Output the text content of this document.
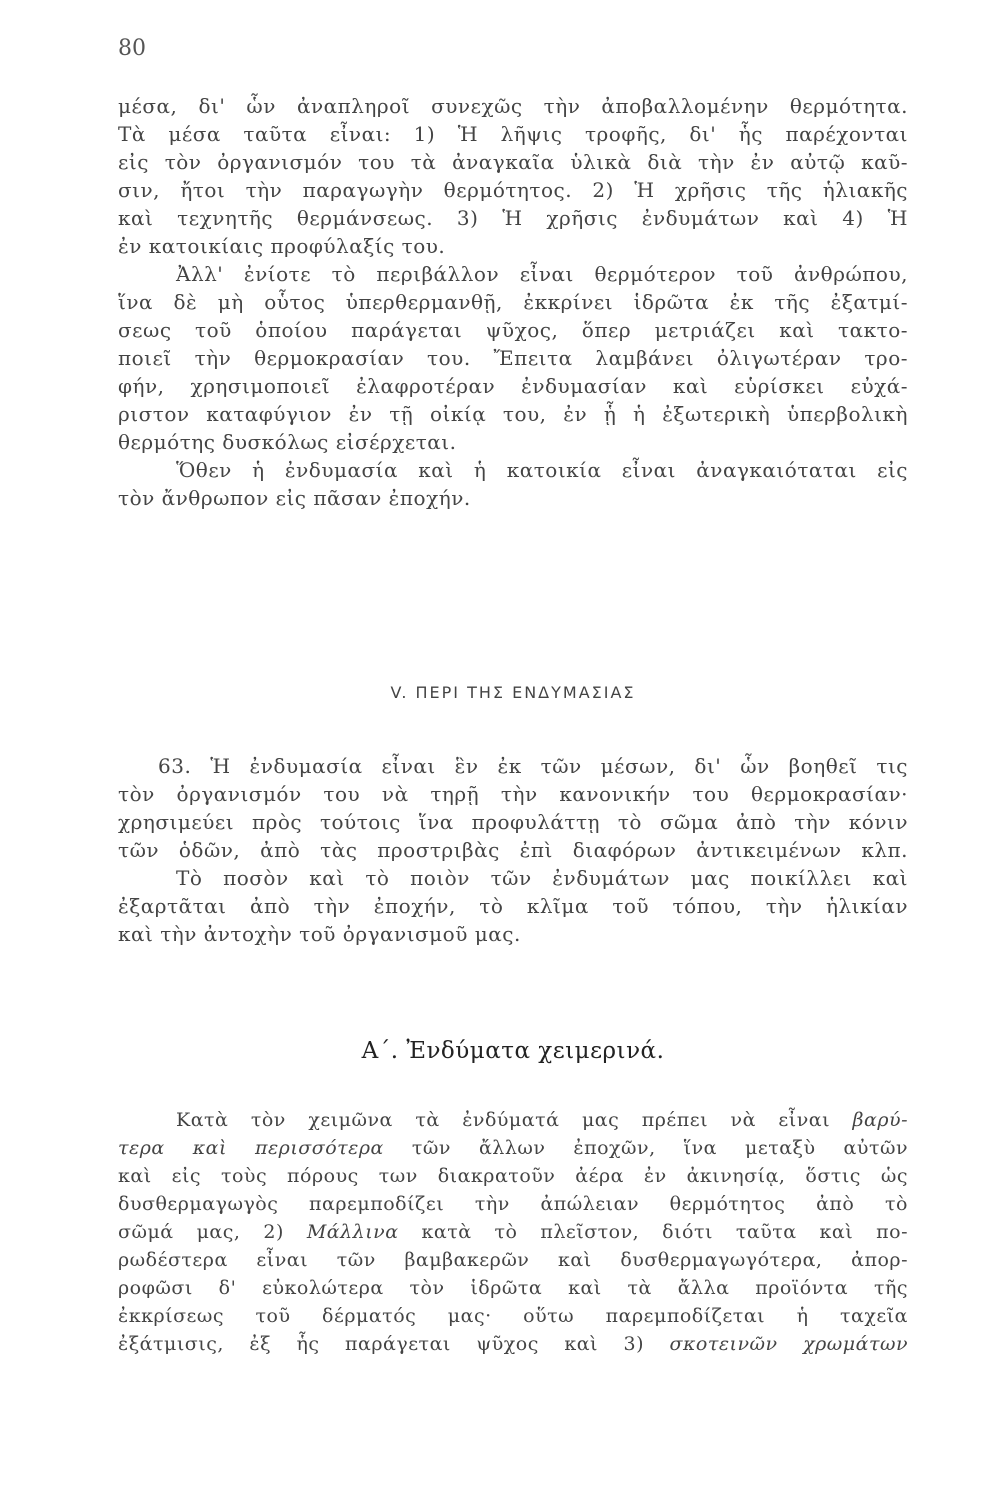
80
μέσα, δι' ὧν ἀναπληροῖ συνεχῶς τὴν ἀποβαλλομένην θερμότητα.
Τὰ μέσα ταῦτα εἶναι: 1) Ἡ λῆψις τροφῆς, δι' ἧς παρέχονται
εἰς τὸν ὀργανισμόν του τὰ ἀναγκαῖα ὑλικὰ διὰ τὴν ἐν αὐτῷ καῦ-
σιν, ἤτοι τὴν παραγωγὴν θερμότητος. 2) Ἡ χρῆσις τῆς ἡλιακῆς
καὶ τεχνητῆς θερμάνσεως. 3) Ἡ χρῆσις ἐνδυμάτων καὶ 4) Ἡ
ἐν κατοικίαις προφύλαξίς του.
Ἀλλ' ἐνίοτε τὸ περιβάλλον εἶναι θερμότερον τοῦ ἀνθρώπου,
ἵνα δὲ μὴ οὗτος ὑπερθερμανθῇ, ἐκκρίνει ἱδρῶτα ἐκ τῆς ἐξατμί-
σεως τοῦ ὁποίου παράγεται ψῦχος, ὅπερ μετριάζει καὶ τακτο-
ποιεῖ τὴν θερμοκρασίαν του. Ἔπειτα λαμβάνει ὀλιγωτέραν τρο-
φήν, χρησιμοποιεῖ ἐλαφροτέραν ἐνδυμασίαν καὶ εὑρίσκει εὐχά-
ριστον καταφύγιον ἐν τῇ οἰκίᾳ του, ἐν ᾗ ἡ ἐξωτερικὴ ὑπερβολικὴ
θερμότης δυσκόλως εἰσέρχεται.
Ὅθεν ἡ ἐνδυμασία καὶ ἡ κατοικία εἶναι ἀναγκαιόταται εἰς
τὸν ἄνθρωπον εἰς πᾶσαν ἐποχήν.
V. ΠΕΡΙ ΤΗΣ ΕΝΔΥΜΑΣΙΑΣ
63. Ἡ ἐνδυμασία εἶναι ἓν ἐκ τῶν μέσων, δι' ὧν βοηθεῖ τις
τὸν ὀργανισμόν του νὰ τηρῇ τὴν κανονικήν του θερμοκρασίαν·
χρησιμεύει πρὸς τούτοις ἵνα προφυλάττῃ τὸ σῶμα ἀπὸ τὴν κόνιν
τῶν ὁδῶν, ἀπὸ τὰς προστριβὰς ἐπὶ διαφόρων ἀντικειμένων κλπ.
Τὸ ποσὸν καὶ τὸ ποιὸν τῶν ἐνδυμάτων μας ποικίλλει καὶ
ἐξαρτᾶται ἀπὸ τὴν ἐποχήν, τὸ κλῖμα τοῦ τόπου, τὴν ἡλικίαν
καὶ τὴν ἀντοχὴν τοῦ ὀργανισμοῦ μας.
Α΄. Ἐνδύματα χειμερινά.
Κατὰ τὸν χειμῶνα τὰ ἐνδύματά μας πρέπει νὰ εἶναι βαρύ-
τερα καὶ περισσότερα τῶν ἄλλων ἐποχῶν, ἵνα μεταξὺ αὐτῶν
καὶ εἰς τοὺς πόρους των διακρατοῦν ἀέρα ἐν ἀκινησίᾳ, ὅστις ὡς
δυσθερμαγωγὸς παρεμποδίζει τὴν ἀπώλειαν θερμότητος ἀπὸ τὸ
σῶμά μας, 2) Μάλλινα κατὰ τὸ πλεῖστον, διότι ταῦτα καὶ πο-
ρωδέστερα εἶναι τῶν βαμβακερῶν καὶ δυσθερμαγωγότερα, ἀπορ-
ροφῶσι δ' εὐκολώτερα τὸν ἱδρῶτα καὶ τὰ ἄλλα προϊόντα τῆς
ἐκκρίσεως τοῦ δέρματός μας· οὕτω παρεμποδίζεται ἡ ταχεῖα
ἐξάτμισις, ἐξ ἧς παράγεται ψῦχος καὶ 3) σκοτεινῶν χρωμάτων
